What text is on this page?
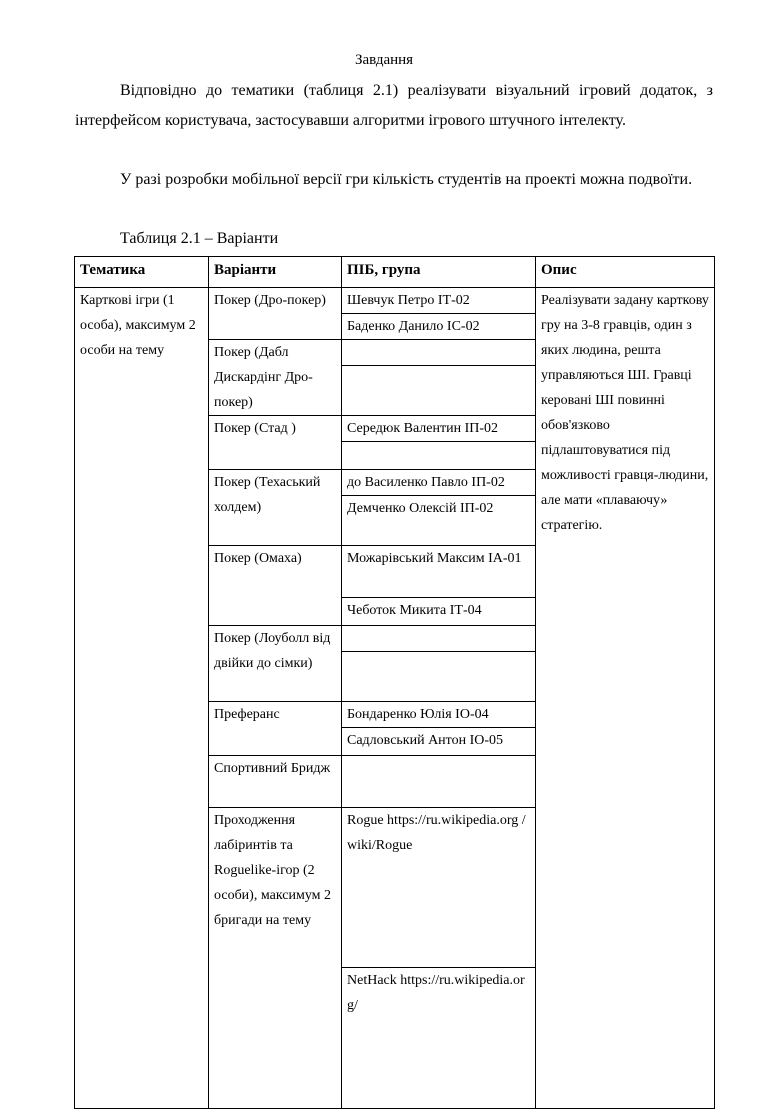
Завдання

Відповідно до тематики (таблиця 2.1) реалізувати візуальний ігровий додаток, з інтерфейсом користувача, застосувавши алгоритми ігрового штучного інтелекту.

У разі розробки мобільної версії гри кількість студентів на проекті можна подвоїти.

Таблиця 2.1 – Варіанти
Тематика	Варіанти	ПІБ, група	Опис	
Карткові ігри (1 особа), максимум 2 особи на тему	Покер (Дро-покер)	Шевчук Петро ІТ-02	Реалізувати задану карткову гру на 3-8 гравців, один з яких людина, решта управляються ШІ. Гравці керовані ШІ повинні обов'язково підлаштовуватися під можливості гравця-людини, але мати «плаваючу» стратегію.	
		Баденко Данило ІС-02		
	Покер (Дабл Дискардінг Дро-покер)			

	Покер (Стад )	Середюк Валентин ІП-02		

	Покер (Техаський холдем)	до Василенко Павло ІП-02		
		Демченко Олексій ІП-02		
	Покер (Омаха)	Можарівський Максим ІА-01		
		Чеботок Микита ІТ-04		
	Покер (Лоуболл від двійки до сімки)			

	Преферанс	Бондаренко Юлія ІО-04		
		Садловський Антон ІО-05		
	Спортивний Бридж			
	Проходження лабіринтів та Roguelike-ігор (2 особи), максимум 2 бригади на тему	Rogue https://ru.wikipedia.org /wiki/Rogue		
		NetHack https://ru.wikipedia.org/		
